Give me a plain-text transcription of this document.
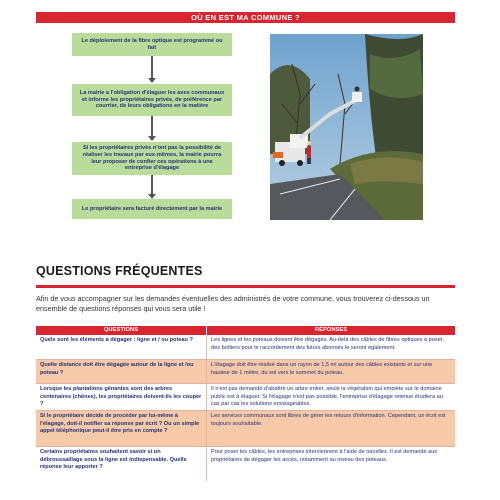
OÙ EN EST MA COMMUNE ?
Le déploiement de la fibre optique est programmé ou fait
La mairie a l'obligation d'élaguer les axes communaux et informe les propriétaires privés, de préférence par courrier, de leurs obligations en la matière
Si les propriétaires privés n'ont pas la possibilité de réaliser les travaux par eux-mêmes, la mairie pourra leur proposer de confier ces opérations à une entreprise d'élagage
Le propriétaire sera facturé directement par la mairie
QUESTIONS FRÉQUENTES

Afin de vous accompagner sur les demandes éventuelles des administrés de votre commune, vous trouverez ci-dessous un ensemble de questions réponses qui vous sera utile !

QUESTIONS	RÉPONSES
Quels sont les éléments à dégager : ligne et / ou poteau ?	Les lignes et les poteaux doivent être dégagés. Au-delà des câbles de fibres optiques à poser, des boîtiers pour le raccordement des futurs abonnés le seront également.
Quelle distance doit être dégagée autour de la ligne et /ou poteau ?
L'élagage doit être réalisé dans un rayon de 1,5 ml autour des câbles existants et sur une hauteur de 1 mètre, du sol vers le sommet du poteau.
Lorsque les plantations gênantes sont des arbres centenaires (chênes), les propriétaires doivent-ils les couper ?
Il n'est pas demandé d'abattre un arbre entier, seule la végétation qui empiète sur le domaine public est à élaguer. Si l'élagage n'est pas possible, l'entreprise d'élagage retenue étudiera au cas par cas les solutions envisageables.
Si le propriétaire décide de procéder par lui-même à l'élagage, doit-il notifier sa réponse par écrit ? Ou un simple appel téléphonique peut-il être pris en compte ?
Les services communaux sont libres de gérer les retours d'information. Cependant, un écrit est toujours souhaitable.
Certains propriétaires souhaitent savoir si un débroussaillage sous la ligne est indispensable. Quelle réponse leur apporter ?
Pour poser les câbles, les entreprises interviennent à l'aide de nacelles. Il est demandé aux propriétaires de dégager les accès, notamment au niveau des poteaux.
